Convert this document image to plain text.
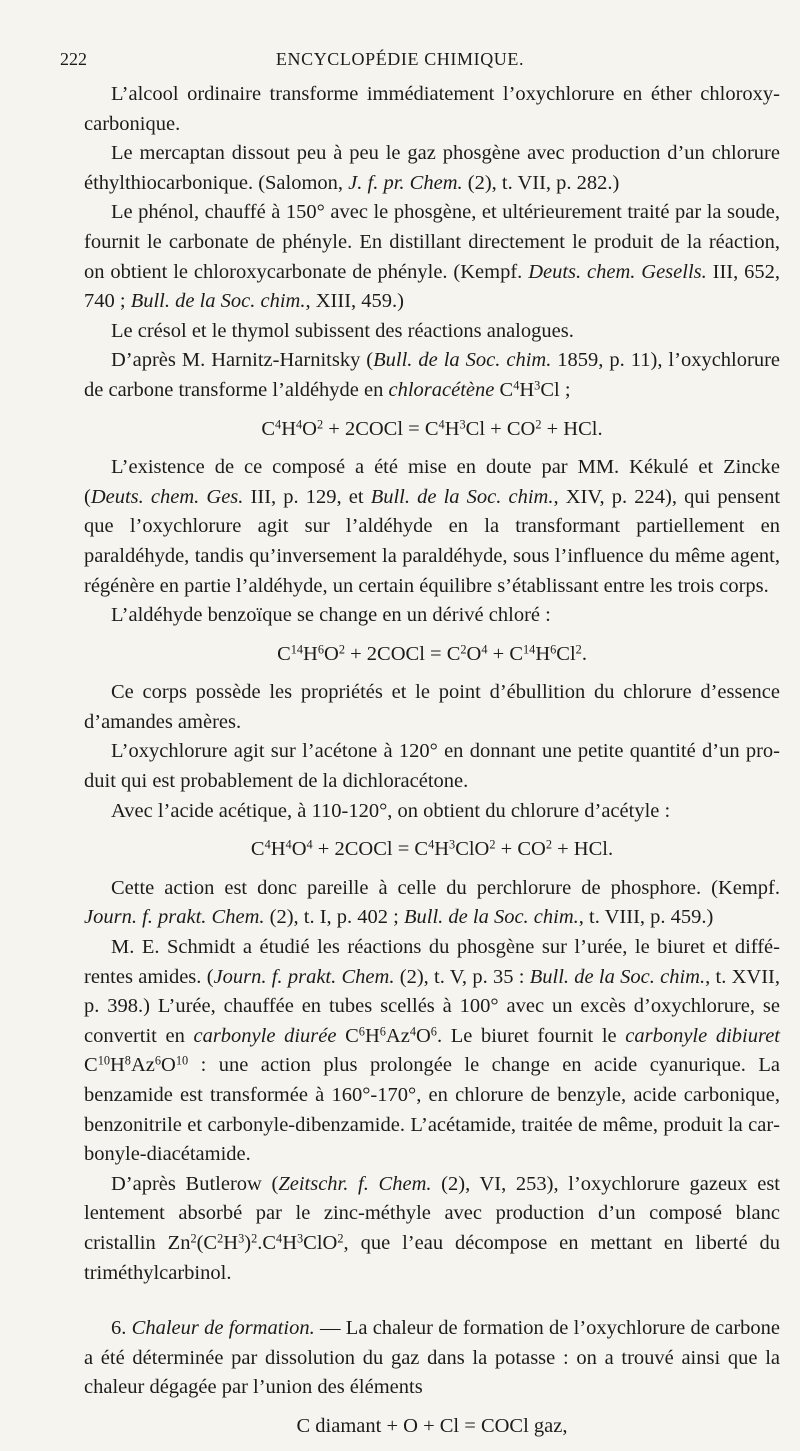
222	ENCYCLOPÉDIE CHIMIQUE.

L’alcool ordinaire transforme immédiatement l’oxychlorure en éther chloroxycarbonique.

Le mercaptan dissout peu à peu le gaz phosgène avec production d’un chlorure éthylthiocarbonique. (Salomon, J. f. pr. Chem. (2), t. VII, p. 282.)

Le phénol, chauffé à 150° avec le phosgène, et ultérieurement traité par la soude, fournit le carbonate de phényle. En distillant directement le produit de la réaction, on obtient le chloroxycarbonate de phényle. (Kempf. Deuts. chem. Gesells. III, 652, 740 ; Bull. de la Soc. chim., XIII, 459.)

Le crésol et le thymol subissent des réactions analogues.

D’après M. Harnitz-Harnitsky (Bull. de la Soc. chim. 1859, p. 11), l’oxychlorure de carbone transforme l’aldéhyde en chloracétène $C^4H^3Cl$ ;

$C^4H^4O^2$ + 2COCl = $C^4H^3Cl + CO^2$ + HCl.

L’existence de ce composé a été mise en doute par MM. Kékulé et Zincke (Deuts. chem. Ges. III, p. 129, et Bull. de la Soc. chim., XIV, p. 224), qui pensent que l’oxychlorure agit sur l’aldéhyde en la transformant partiellement en paraldéhyde, tandis qu’inversement la paraldéhyde, sous l’influence du même agent, régénère en partie l’aldéhyde, un certain équilibre s’établissant entre les trois corps.

L’aldéhyde benzoïque se change en un dérivé chloré :

$C^{14}H^6O^2$ + 2COCl = $C^2O^4 + C^{14}H^6Cl^2$.

Ce corps possède les propriétés et le point d’ébullition du chlorure d’essence d’amandes amères.

L’oxychlorure agit sur l’acétone à 120° en donnant une petite quantité d’un produit qui est probablement de la dichloracétone.

Avec l’acide acétique, à 110-120°, on obtient du chlorure d’acétyle :

$C^4H^4O^4$ + 2COCl = $C^4H^3ClO^2 + CO^2$ + HCl.

Cette action est donc pareille à celle du perchlorure de phosphore. (Kempf. Journ. f. prakt. Chem. (2), t. I, p. 402 ; Bull. de la Soc. chim., t. VIII, p. 459.)

M. E. Schmidt a étudié les réactions du phosgène sur l’urée, le biuret et différentes amides. (Journ. f. prakt. Chem. (2), t. V, p. 35 : Bull. de la Soc. chim., t. XVII, p. 398.) L’urée, chauffée en tubes scellés à 100° avec un excès d’oxychlorure, se convertit en carbonyle diurée $C^6H^6Az^4O^6$. Le biuret fournit le carbonyle dibiuret $C^{10}H^8Az^6O^{10}$ : une action plus prolongée le change en acide cyanurique. La benzamide est transformée à 160°-170°, en chlorure de benzyle, acide carbonique, benzonitrile et carbonyle-dibenzamide. L’acétamide, traitée de même, produit la carbonyle-diacétamide.

D’après Butlerow (Zeitschr. f. Chem. (2), VI, 253), l’oxychlorure gazeux est lentement absorbé par le zinc-méthyle avec production d’un composé blanc cristallin $Zn^2(C^2H^3)^2.C^4H^3ClO^2$, que l’eau décompose en mettant en liberté du triméthylcarbinol.

6. Chaleur de formation. — La chaleur de formation de l’oxychlorure de carbone a été déterminée par dissolution du gaz dans la potasse : on a trouvé ainsi que la chaleur dégagée par l’union des éléments

C diamant + O + Cl = COCl gaz,
